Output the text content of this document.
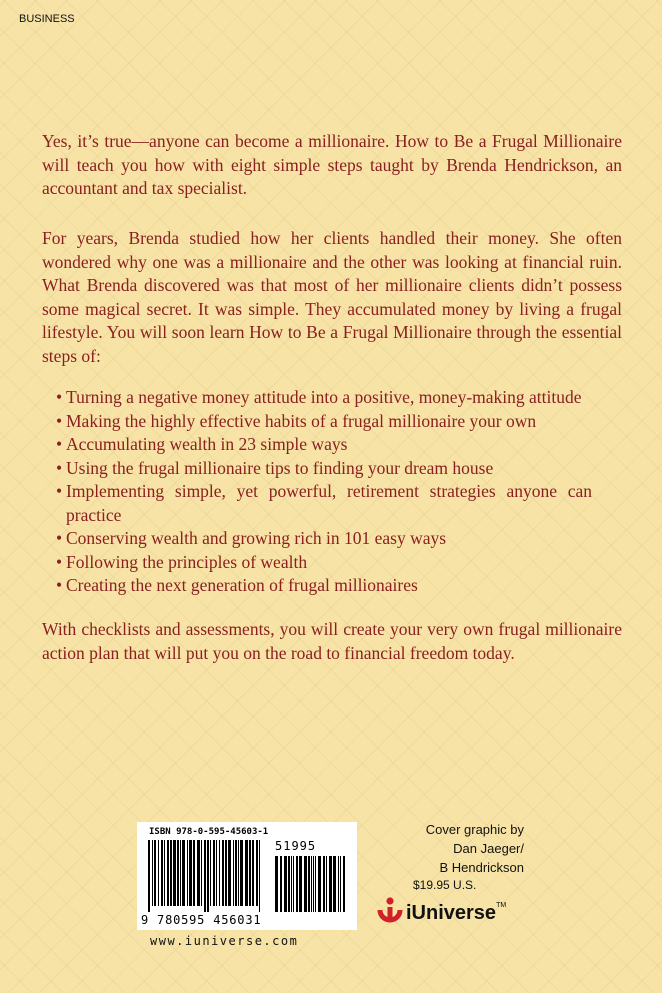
BUSINESS

Yes, it’s true—anyone can become a millionaire. How to Be a Frugal Millionaire will teach you how with eight simple steps taught by Brenda Hendrickson, an accountant and tax specialist.

For years, Brenda studied how her clients handled their money. She often wondered why one was a millionaire and the other was looking at financial ruin. What Brenda discovered was that most of her millionaire clients didn’t possess some magical secret. It was simple. They accumulated money by living a frugal lifestyle. You will soon learn How to Be a Frugal Millionaire through the essential steps of:

• Turning a negative money attitude into a positive, money-making attitude
• Making the highly effective habits of a frugal millionaire your own
• Accumulating wealth in 23 simple ways
• Using the frugal millionaire tips to finding your dream house
• Implementing simple, yet powerful, retirement strategies anyone can practice
• Conserving wealth and growing rich in 101 easy ways
• Following the principles of wealth
• Creating the next generation of frugal millionaires

With checklists and assessments, you will create your very own frugal millionaire action plan that will put you on the road to financial freedom today.

ISBN 978-0-595-45603-1
51995
9 780595 456031
www.iuniverse.com
Cover graphic by
Dan Jaeger/
B Hendrickson
$19.95 U.S.
iUniverse TM
